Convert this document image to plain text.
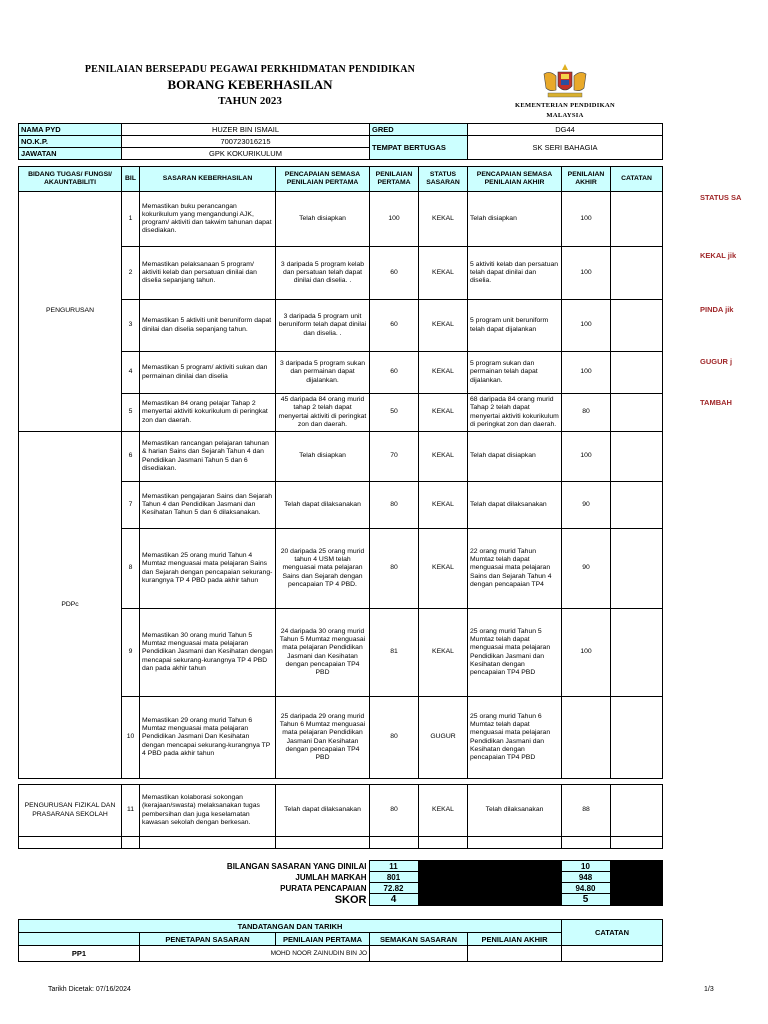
PENILAIAN BERSEPADU PEGAWAI PERKHIDMATAN PENDIDIKAN
BORANG KEBERHASILAN
TAHUN 2023	KEMENTERIAN PENDIDIKAN
MALAYSIA
NAMA PYD	HUZER BIN ISMAIL	GRED	DG44
NO.K.P.	700723016215	TEMPAT BERTUGAS	SK SERI BAHAGIA
JAWATAN	GPK KOKURIKULUM		
BIDANG TUGAS/ FUNGSI/ AKAUNTABILITI	BIL	SASARAN KEBERHASILAN	PENCAPAIAN SEMASA PENILAIAN PERTAMA	PENILAIAN PERTAMA	STATUS SASARAN	PENCAPAIAN SEMASA PENILAIAN AKHIR	PENILAIAN AKHIR	CATATAN
PENGURUSAN	1	Memastikan buku perancangan kokurikulum yang mengandungi AJK, program/ aktiviti dan takwim tahunan dapat disediakan.	Telah disiapkan	100	KEKAL	Telah disiapkan	100	
	2	Memastikan pelaksanaan 5 program/ aktiviti kelab dan persatuan dinilai dan diselia sepanjang tahun.	3 daripada 5 program kelab dan persatuan telah dapat dinilai dan diselia. .	60	KEKAL	5 aktiviti kelab dan persatuan telah dapat dinilai dan diselia.	100	
	3	Memastikan 5 aktiviti unit beruniform dapat dinilai dan diselia sepanjang tahun.	3 daripada 5 program unit beruniform telah dapat dinilai dan diselia. .	60	KEKAL	5 program unit beruniform telah dapat dijalankan	100	
	4	Memastikan 5 program/ aktiviti sukan dan permainan dinilai dan diselia	3 daripada 5 program sukan dan permainan dapat dijalankan.	60	KEKAL	5 program sukan dan permainan telah dapat dijalankan.	100	
	5	Memastikan 84 orang pelajar Tahap 2 menyertai aktiviti kokurikulum di peringkat zon dan daerah.	45 daripada 84 orang murid tahap 2 telah dapat menyertai aktiviti di peringkat zon dan daerah.	50	KEKAL	68 daripada 84 orang murid Tahap 2 telah dapat menyertai aktiviti kokurikulum di peringkat zon dan daerah.	80	
PDPc	6	Memastikan rancangan pelajaran tahunan & harian Sains dan Sejarah Tahun 4 dan Pendidikan Jasmani Tahun 5 dan 6 disediakan.	Telah disiapkan	70	KEKAL	Telah dapat disiapkan	100	
	7	Memastikan pengajaran Sains dan Sejarah Tahun 4 dan Pendidikan Jasmani dan Kesihatan Tahun 5 dan 6 dilaksanakan.	Telah dapat dilaksanakan	80	KEKAL	Telah dapat dilaksanakan	90	
	8	Memastikan 25 orang murid Tahun 4 Mumtaz menguasai mata pelajaran Sains dan Sejarah dengan pencapaian sekurang-kurangnya TP 4 PBD pada akhir tahun	20 daripada 25 orang murid tahun 4 USM telah menguasai mata pelajaran Sains dan Sejarah dengan pencapaian TP 4 PBD.	80	KEKAL	22 orang murid Tahun Mumtaz telah dapat menguasai mata pelajaran Sains dan Sejarah Tahun 4 dengan pencapaian TP4	90	
	9	Memastikan 30 orang murid Tahun 5 Mumtaz menguasai mata pelajaran Pendidikan Jasmani dan Kesihatan dengan mencapai sekurang-kurangnya TP 4 PBD dan pada akhir tahun	24 daripada 30 orang murid Tahun 5 Mumtaz menguasai mata pelajaran Pendidikan Jasmani dan Kesihatan dengan pencapaian TP4 PBD	81	KEKAL	25 orang murid Tahun 5 Mumtaz telah dapat menguasai mata pelajaran Pendidikan Jasmani dan Kesihatan dengan pencapaian TP4 PBD	100	
	10	Memastikan 29 orang murid Tahun 6 Mumtaz menguasai mata pelajaran Pendidikan Jasmani Dan Kesihatan dengan mencapai sekurang-kurangnya TP 4 PBD pada akhir tahun	25 daripada 29 orang murid Tahun 6 Mumtaz menguasai mata pelajaran Pendidikan Jasmani Dan Kesihatan dengan pencapaian TP4 PBD	80	GUGUR	25 orang murid Tahun 6 Mumtaz telah dapat menguasai mata pelajaran Pendidikan Jasmani dan Kesihatan dengan pencapaian TP4 PBD		

PENGURUSAN FIZIKAL DAN PRASARANA SEKOLAH	11	Memastikan kolaborasi sokongan (kerajaan/swasta) melaksanakan tugas pembersihan dan juga keselamatan kawasan sekolah dengan berkesan.	Telah dapat dilaksanakan	80	KEKAL	Telah dilaksanakan	88	

BILANGAN SASARAN YANG DINILAI	11			10	
JUMLAH MARKAH	801			948	
PURATA PENCAPAIAN	72.82			94.80	
SKOR	4			5	
TANDATANGAN DAN TARIKH					CATATAN
	PENETAPAN SASARAN	PENILAIAN PERTAMA	SEMAKAN SASARAN	PENILAIAN AKHIR	
PP1	MOHD NOOR ZAINUDIN BIN JO				
STATUS SA
KEKAL jik
PINDA jik
GUGUR j
TAMBAH
Tarikh Dicetak: 07/16/2024	1/3
